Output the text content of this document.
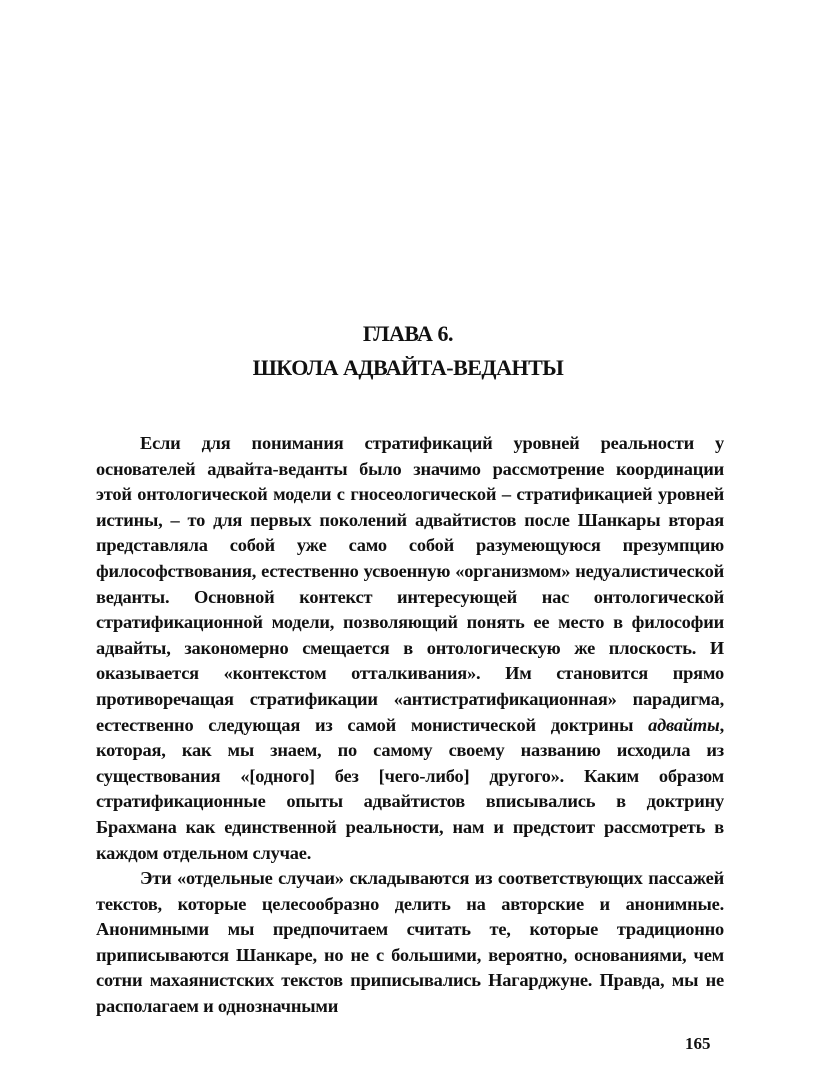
ГЛАВА 6.
ШКОЛА АДВАЙТА-ВЕДАНТЫ

Если для понимания стратификаций уровней реальности у основателей адвайта-веданты было значимо рассмотрение координации этой онтологической модели с гносеологической – стратификацией уровней истины, – то для первых поколений адвайтистов после Шанкары вторая представляла собой уже само собой разумеющуюся презумпцию философствования, естественно усвоенную «организмом» недуалистической веданты. Основной контекст интересующей нас онтологической стратификационной модели, позволяющий понять ее место в философии адвайты, закономерно смещается в онтологическую же плоскость. И оказывается «контекстом отталкивания». Им становится прямо противоречащая стратификации «антистратификационная» парадигма, естественно следующая из самой монистической доктрины адвайты, которая, как мы знаем, по самому своему названию исходила из существования «[одного] без [чего-либо] другого». Каким образом стратификационные опыты адвайтистов вписывались в доктрину Брахмана как единственной реальности, нам и предстоит рассмотреть в каждом отдельном случае.

Эти «отдельные случаи» складываются из соответствующих пассажей текстов, которые целесообразно делить на авторские и анонимные. Анонимными мы предпочитаем считать те, которые традиционно приписываются Шанкаре, но не с большими, вероятно, основаниями, чем сотни махаянистских текстов приписывались Нагарджуне. Правда, мы не располагаем и однозначными

165
